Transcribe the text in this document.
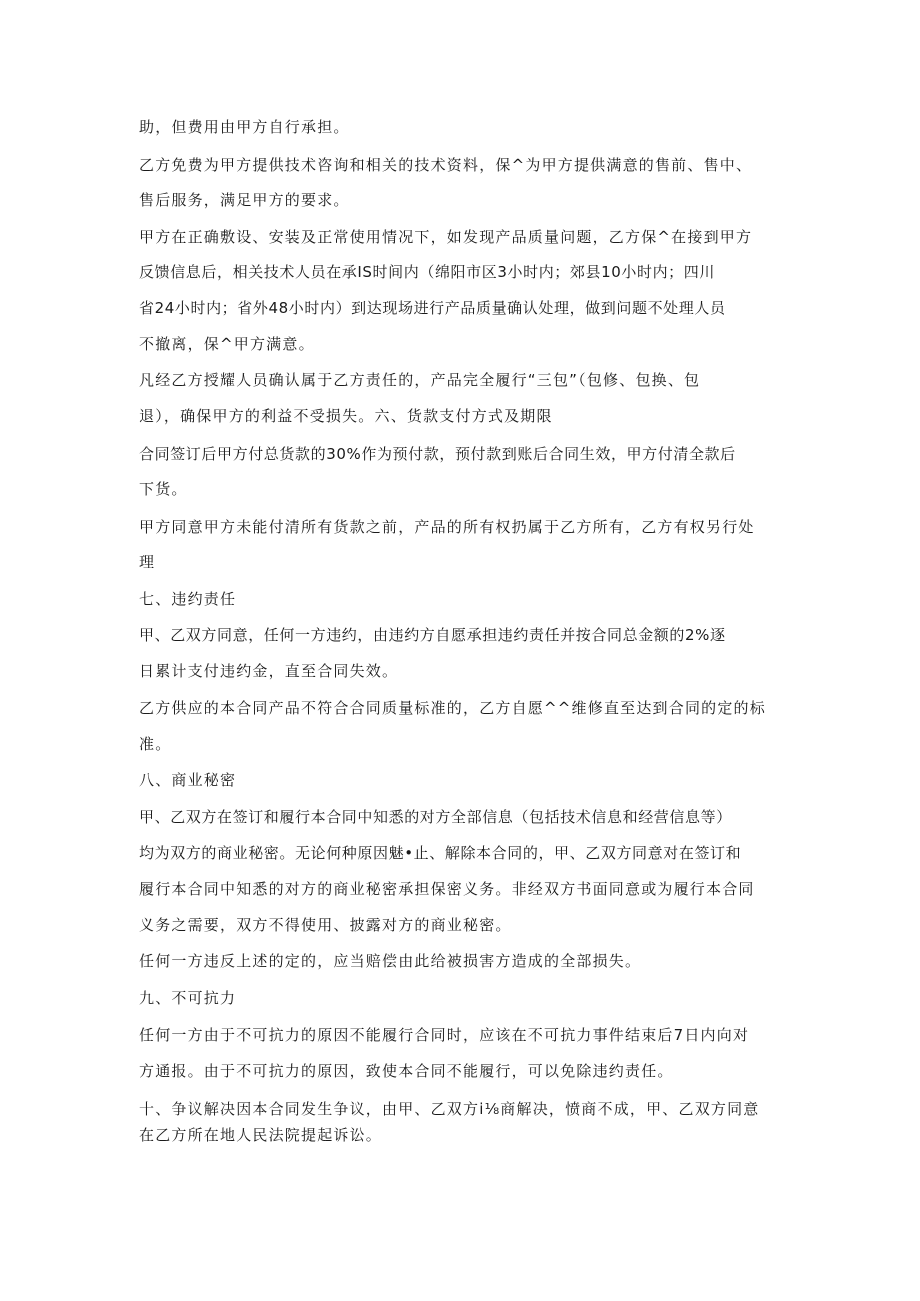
助，但费用由甲方自行承担。
乙方免费为甲方提供技术咨询和相关的技术资料，保^为甲方提供满意的售前、售中、
售后服务，满足甲方的要求。
甲方在正确敷设、安装及正常使用情况下，如发现产品质量问题，乙方保^在接到甲方
反馈信息后，相关技术人员在承IS时间内（绵阳市区3小时内；郊县10小时内；四川
省24小时内；省外48小时内）到达现场进行产品质量确认处理，做到问题不处理人员
不撤离，保^甲方满意。
凡经乙方授耀人员确认属于乙方责任的，产品完全履行“三包”（包修、包换、包
退），确保甲方的利益不受损失。六、货款支付方式及期限
合同签订后甲方付总货款的30%作为预付款，预付款到账后合同生效，甲方付清全款后
下货。
甲方同意甲方未能付清所有货款之前，产品的所有权扔属于乙方所有，乙方有权另行处
理
七、违约责任
甲、乙双方同意，任何一方违约，由违约方自愿承担违约责任并按合同总金额的2%逐
日累计支付违约金，直至合同失效。
乙方供应的本合同产品不符合合同质量标准的，乙方自愿^^维修直至达到合同的定的标
准。
八、商业秘密
甲、乙双方在签订和履行本合同中知悉的对方全部信息（包括技术信息和经营信息等）
均为双方的商业秘密。无论何种原因魅•止、解除本合同的，甲、乙双方同意对在签订和
履行本合同中知悉的对方的商业秘密承担保密义务。非经双方书面同意或为履行本合同
义务之需要，双方不得使用、披露对方的商业秘密。
任何一方违反上述的定的，应当赔偿由此给被损害方造成的全部损失。
九、不可抗力
任何一方由于不可抗力的原因不能履行合同时，应该在不可抗力事件结束后7日内向对
方通报。由于不可抗力的原因，致使本合同不能履行，可以免除违约责任。
十、争议解决因本合同发生争议，由甲、乙双方i⅛商解决，愤商不成，甲、乙双方同意
在乙方所在地人民法院提起诉讼。
